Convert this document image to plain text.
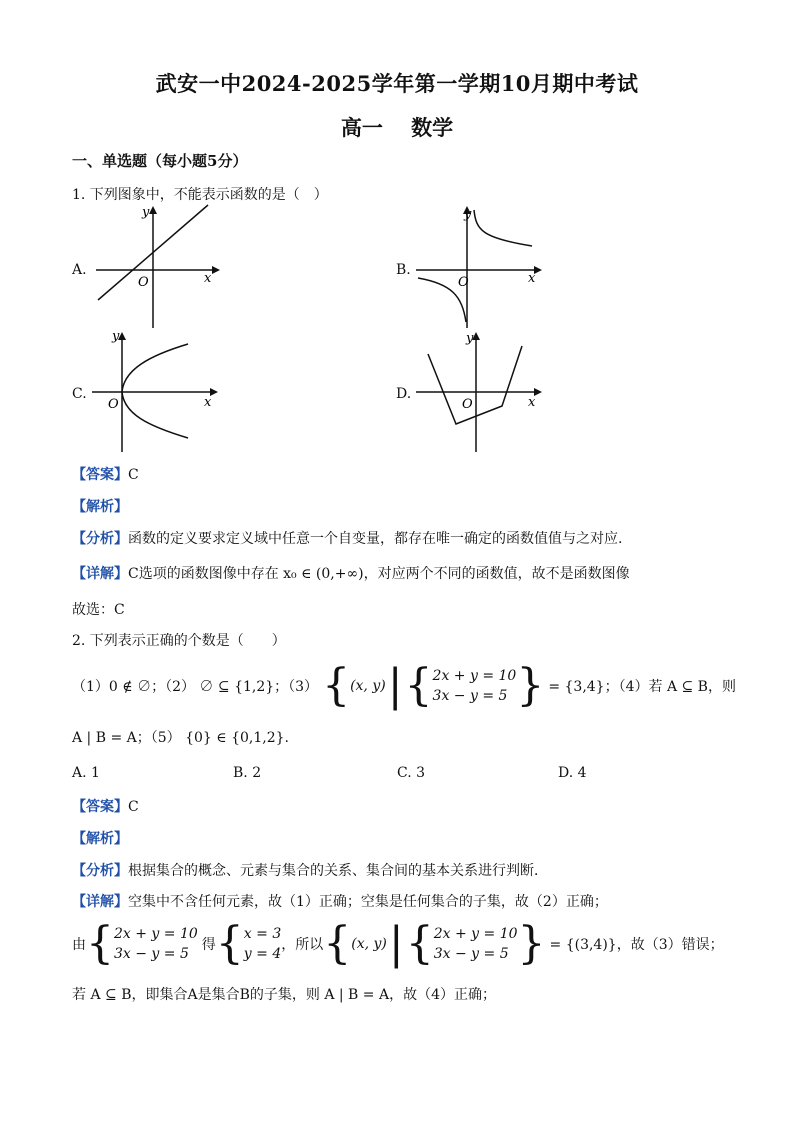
武安一中2024-2025学年第一学期10月期中考试
高一　 数学
一、单选题（每小题5分）
1. 下列图象中，不能表示函数的是（　）
A.	B.
C.	D.
O	x
y
O	x
y
O	x
y
O	x
y
【答案】C
【解析】
【分析】函数的定义要求定义域中任意一个自变量，都存在唯一确定的函数值值与之对应.
【详解】C选项的函数图像中存在 x₀ ∈ (0,+∞)，对应两个不同的函数值，故不是函数图像
故选：C
2. 下列表示正确的个数是（　　）
（1）0 ∉ ∅；（2） ∅ ⊆ {1,2}；（3） { (x, y) | { 2x + y = 10
3x − y = 5 } = {3,4}；（4）若 A ⊆ B，则
A | B = A；（5） {0} ∈ {0,1,2}.
A. 1	B. 2	C. 3	D. 4
【答案】C
【解析】
【分析】根据集合的概念、元素与集合的关系、集合间的基本关系进行判断．
【详解】空集中不含任何元素，故（1）正确；空集是任何集合的子集，故（2）正确；
由 { 2x + y = 10
3x − y = 5
得 { x = 3
y = 4
，所以 { (x, y) | { 2x + y = 10
3x − y = 5 } = {(3,4)}，故（3）错误；
若 A ⊆ B，即集合A是集合B的子集，则 A | B = A，故（4）正确；
